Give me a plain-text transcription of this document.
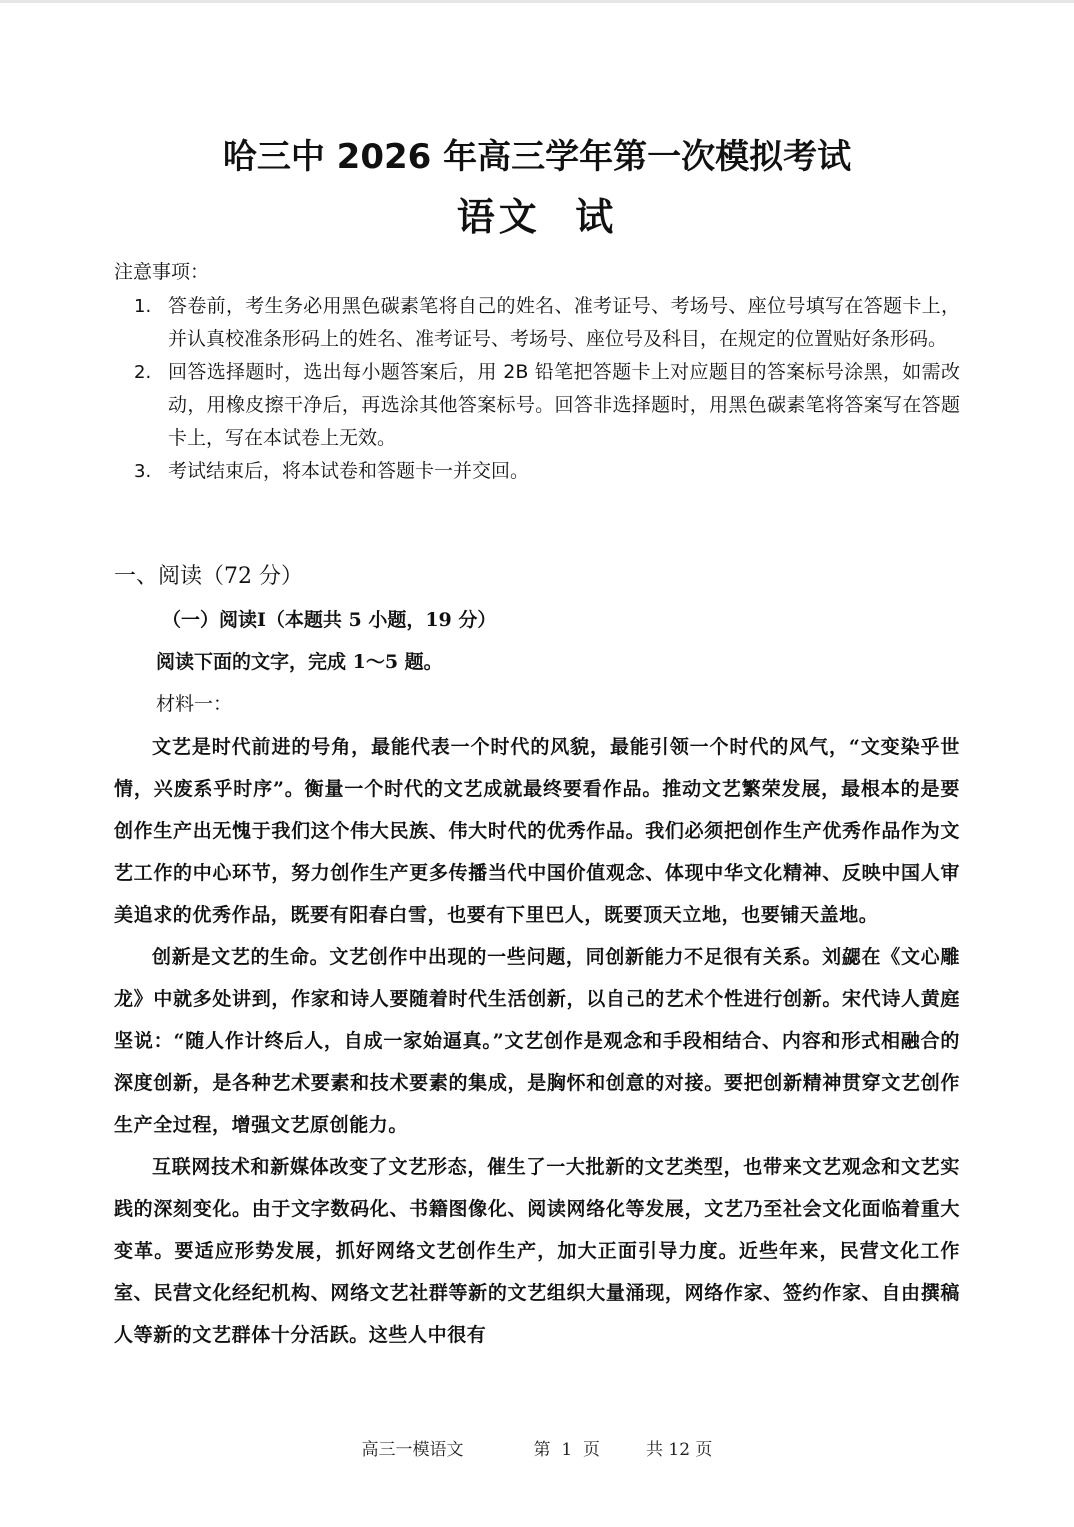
哈三中 2026 年高三学年第一次模拟考试
语文  试
注意事项：
1. 答卷前，考生务必用黑色碳素笔将自己的姓名、准考证号、考场号、座位号填写在答题卡上，并认真校准条形码上的姓名、准考证号、考场号、座位号及科目，在规定的位置贴好条形码。
2. 回答选择题时，选出每小题答案后，用 2B 铅笔把答题卡上对应题目的答案标号涂黑，如需改动，用橡皮擦干净后，再选涂其他答案标号。回答非选择题时，用黑色碳素笔将答案写在答题卡上，写在本试卷上无效。
3. 考试结束后，将本试卷和答题卡一并交回。
一、阅读（72 分）
（一）阅读Ⅰ（本题共 5 小题，19 分）
阅读下面的文字，完成 1～5 题。
材料一：

文艺是时代前进的号角，最能代表一个时代的风貌，最能引领一个时代的风气，“文变染乎世情，兴废系乎时序”。衡量一个时代的文艺成就最终要看作品。推动文艺繁荣发展，最根本的是要创作生产出无愧于我们这个伟大民族、伟大时代的优秀作品。我们必须把创作生产优秀作品作为文艺工作的中心环节，努力创作生产更多传播当代中国价值观念、体现中华文化精神、反映中国人审美追求的优秀作品，既要有阳春白雪，也要有下里巴人，既要顶天立地，也要铺天盖地。

创新是文艺的生命。文艺创作中出现的一些问题，同创新能力不足很有关系。刘勰在《文心雕龙》中就多处讲到，作家和诗人要随着时代生活创新，以自己的艺术个性进行创新。宋代诗人黄庭坚说：“随人作计终后人，自成一家始逼真。”文艺创作是观念和手段相结合、内容和形式相融合的深度创新，是各种艺术要素和技术要素的集成，是胸怀和创意的对接。要把创新精神贯穿文艺创作生产全过程，增强文艺原创能力。

互联网技术和新媒体改变了文艺形态，催生了一大批新的文艺类型，也带来文艺观念和文艺实践的深刻变化。由于文字数码化、书籍图像化、阅读网络化等发展，文艺乃至社会文化面临着重大变革。要适应形势发展，抓好网络文艺创作生产，加大正面引导力度。近些年来，民营文化工作室、民营文化经纪机构、网络文艺社群等新的文艺组织大量涌现，网络作家、签约作家、自由撰稿人等新的文艺群体十分活跃。这些人中很有

高三一模语文	第  1  页	共 12 页
